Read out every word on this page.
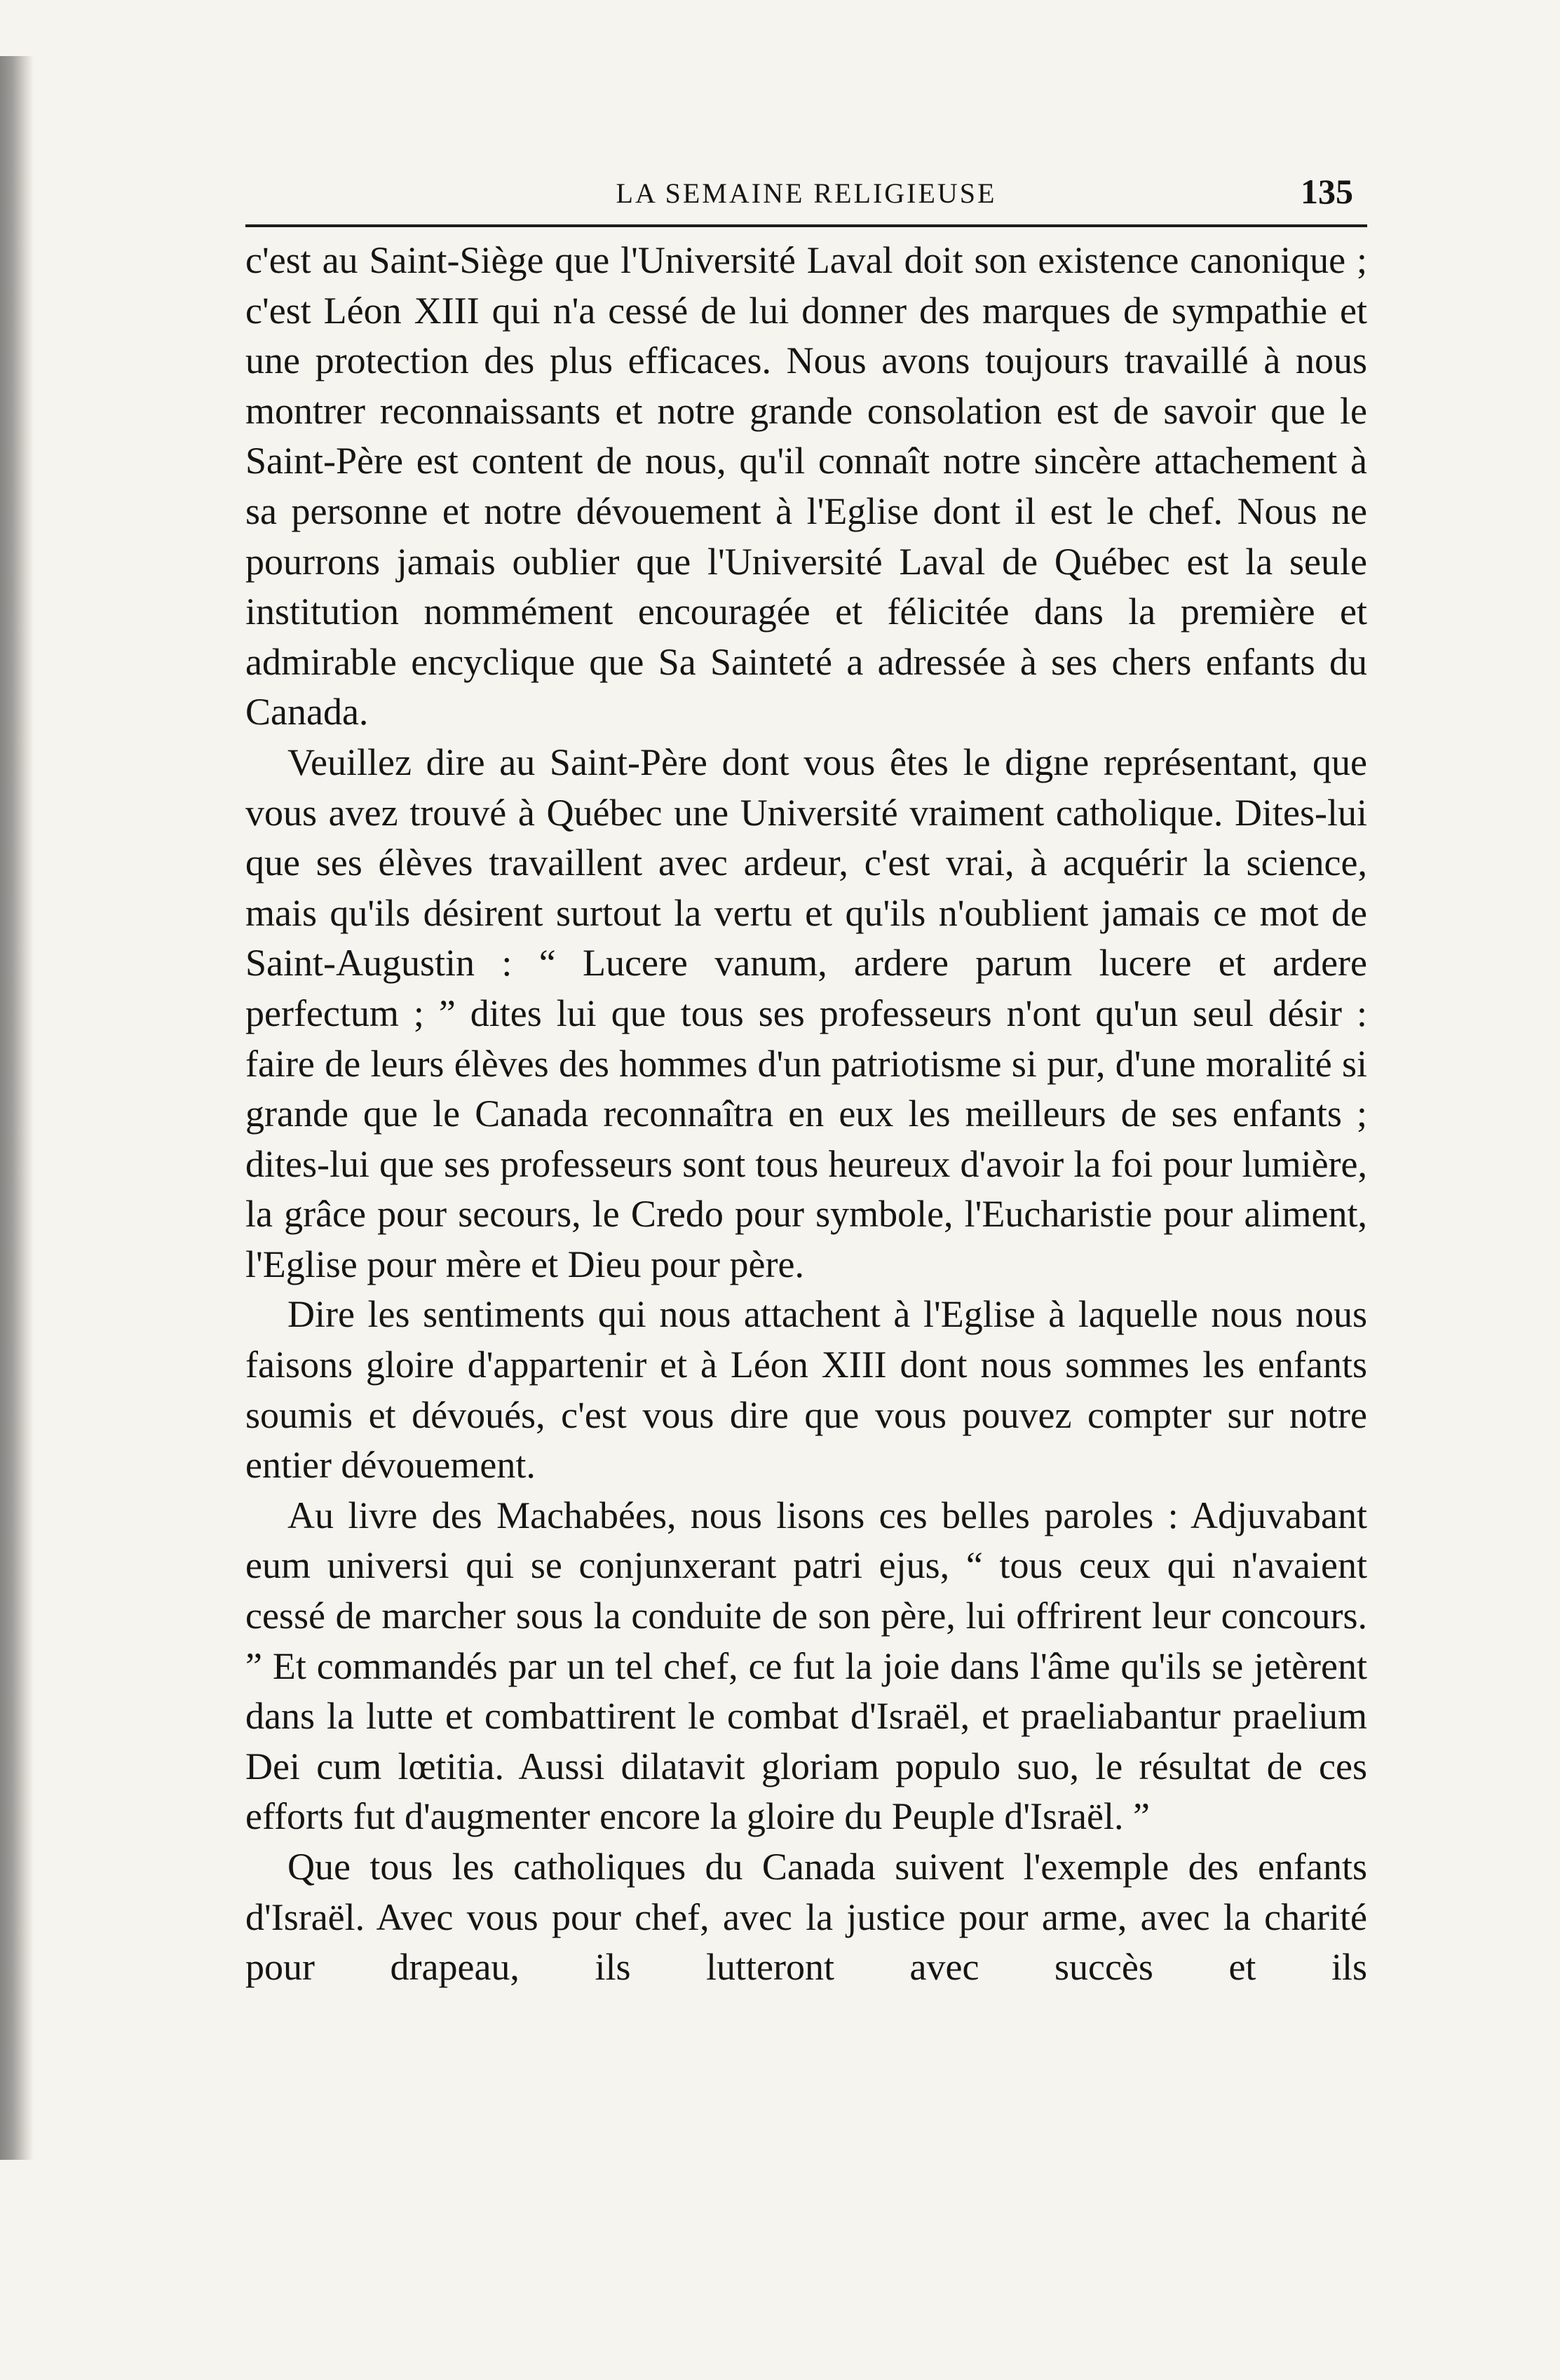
LA SEMAINE RELIGIEUSE	135

c'est au Saint-Siège que l'Université Laval doit son existence canonique ; c'est Léon XIII qui n'a cessé de lui donner des marques de sympathie et une protection des plus efficaces. Nous avons toujours travaillé à nous montrer reconnaissants et notre grande consolation est de savoir que le Saint-Père est content de nous, qu'il connaît notre sincère attachement à sa personne et notre dévouement à l'Eglise dont il est le chef. Nous ne pourrons jamais oublier que l'Université Laval de Québec est la seule institution nommément encouragée et félicitée dans la première et admirable encyclique que Sa Sainteté a adressée à ses chers enfants du Canada.

Veuillez dire au Saint-Père dont vous êtes le digne représentant, que vous avez trouvé à Québec une Université vraiment catholique. Dites-lui que ses élèves travaillent avec ardeur, c'est vrai, à acquérir la science, mais qu'ils désirent surtout la vertu et qu'ils n'oublient jamais ce mot de Saint-Augustin : “ Lucere vanum, ardere parum lucere et ardere perfectum ; ” dites lui que tous ses professeurs n'ont qu'un seul désir : faire de leurs élèves des hommes d'un patriotisme si pur, d'une moralité si grande que le Canada reconnaîtra en eux les meilleurs de ses enfants ; dites-lui que ses professeurs sont tous heureux d'avoir la foi pour lumière, la grâce pour secours, le Credo pour symbole, l'Eucharistie pour aliment, l'Eglise pour mère et Dieu pour père.

Dire les sentiments qui nous attachent à l'Eglise à laquelle nous nous faisons gloire d'appartenir et à Léon XIII dont nous sommes les enfants soumis et dévoués, c'est vous dire que vous pouvez compter sur notre entier dévouement.

Au livre des Machabées, nous lisons ces belles paroles : Adjuvabant eum universi qui se conjunxerant patri ejus, “ tous ceux qui n'avaient cessé de marcher sous la conduite de son père, lui offrirent leur concours. ” Et commandés par un tel chef, ce fut la joie dans l'âme qu'ils se jetèrent dans la lutte et combattirent le combat d'Israël, et praeliabantur praelium Dei cum lœtitia. Aussi dilatavit gloriam populo suo, le résultat de ces efforts fut d'augmenter encore la gloire du Peuple d'Israël. ”

Que tous les catholiques du Canada suivent l'exemple des enfants d'Israël. Avec vous pour chef, avec la justice pour arme, avec la charité pour drapeau, ils lutteront avec succès et ils
